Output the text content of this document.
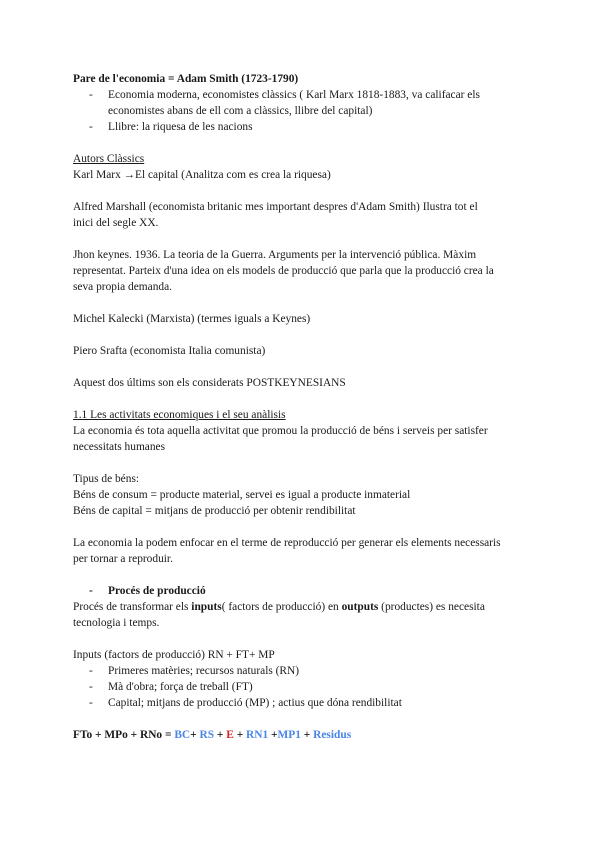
Pare de l'economia = Adam Smith (1723-1790)
- Economia moderna, economistes clàssics ( Karl Marx 1818-1883, va califacar els
economistes abans de ell com a clàssics, llibre del capital)
- Llibre: la riquesa de les nacions
Autors Clàssics
Karl Marx →El capital (Analitza com es crea la riquesa)
Alfred Marshall (economista britanic mes important despres d'Adam Smith) Ilustra tot el
inici del segle XX.
Jhon keynes. 1936. La teoria de la Guerra. Arguments per la intervenció pública. Màxim
representat. Parteix d'una idea on els models de producció que parla que la producció crea la
seva propia demanda.
Michel Kalecki (Marxista) (termes iguals a Keynes)
Piero Srafta (economista Italia comunista)
Aquest dos últims son els considerats POSTKEYNESIANS
1.1 Les activitats economiques i el seu anàlisis
La economia és tota aquella activitat que promou la producció de béns i serveis per satisfer
necessitats humanes
Tipus de béns:
Béns de consum = producte material, servei es igual a producte inmaterial
Béns de capital = mitjans de producció per obtenir rendibilitat
La economia la podem enfocar en el terme de reproducció per generar els elements necessaris
per tornar a reproduir.
- Procés de producció
Procés de transformar els inputs( factors de producció) en outputs (productes) es necesita
tecnologia i temps.
Inputs (factors de producció) RN + FT+ MP
- Primeres matèries; recursos naturals (RN)
- Mà d'obra; força de treball (FT)
- Capital; mitjans de producció (MP) ; actius que dóna rendibilitat
FTo + MPo + RNo = BC+ RS + E + RN1 +MP1 + Residus
